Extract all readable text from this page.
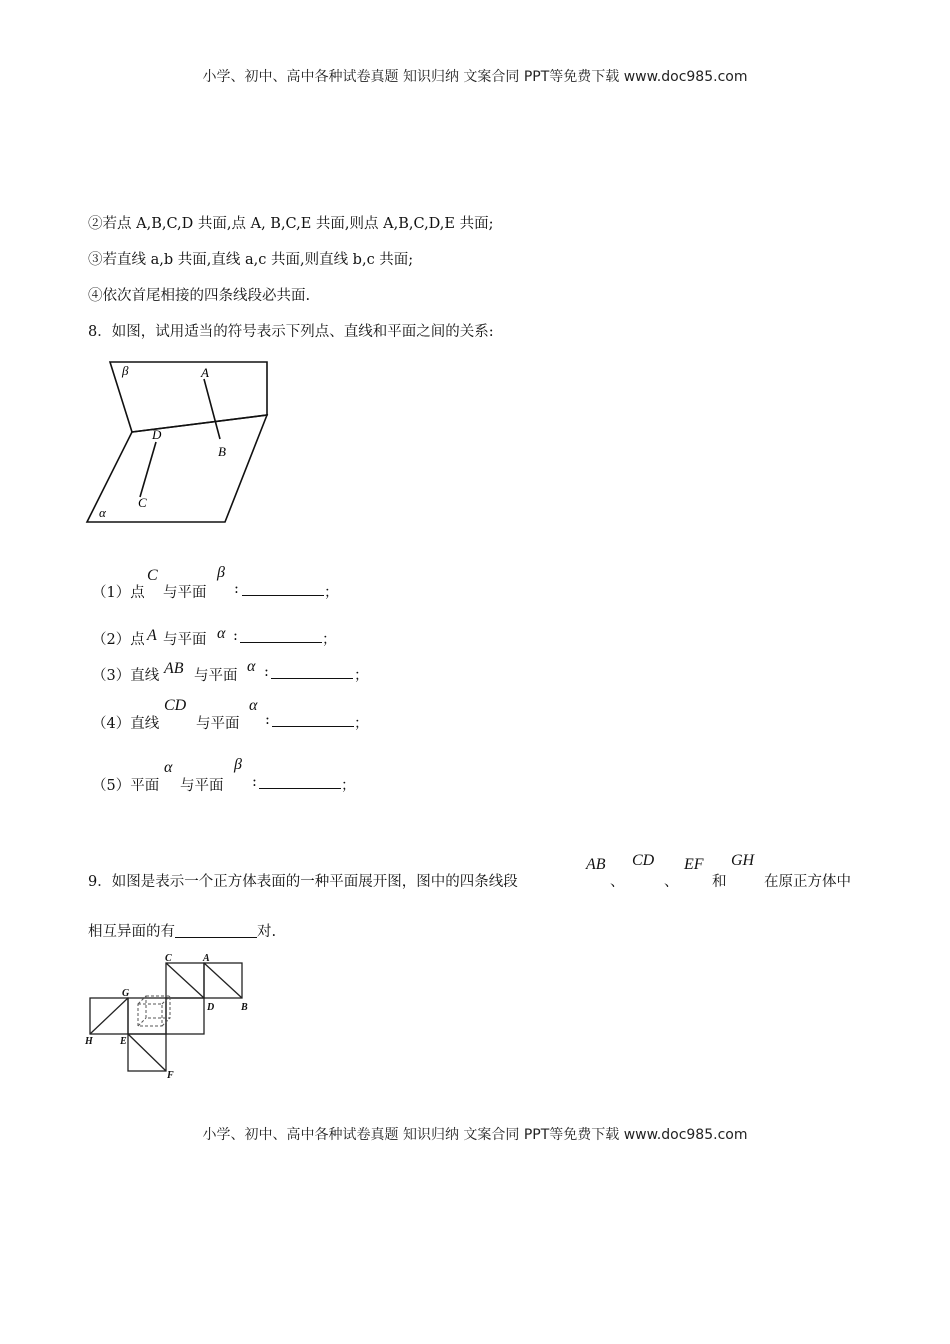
小学、初中、高中各种试卷真题 知识归纳 文案合同 PPT等免费下载 www.doc985.com
②若点 A,B,C,D 共面,点 A, B,C,E 共面,则点 A,B,C,D,E 共面;
③若直线 a,b 共面,直线 a,c 共面,则直线 b,c 共面;
④依次首尾相接的四条线段必共面.
8．如图，试用适当的符号表示下列点、直线和平面之间的关系:
β	A
B
D
C
α
（1）点
C
与平面
β
:	；
（2）点 A 与平面 α :	；
（3）直线 AB 与平面
α :	；
（4）直线
CD
与平面
α
:	；
（5）平面
α
与平面
β
:	；
9．如图是表示一个正方体表面的一种平面展开图，图中的四条线段
AB
、
CD
、
EF
和
GH
在原正方体中
相互异面的有	对.
C	A
G
D	B
H	E
F
小学、初中、高中各种试卷真题 知识归纳 文案合同 PPT等免费下载 www.doc985.com
